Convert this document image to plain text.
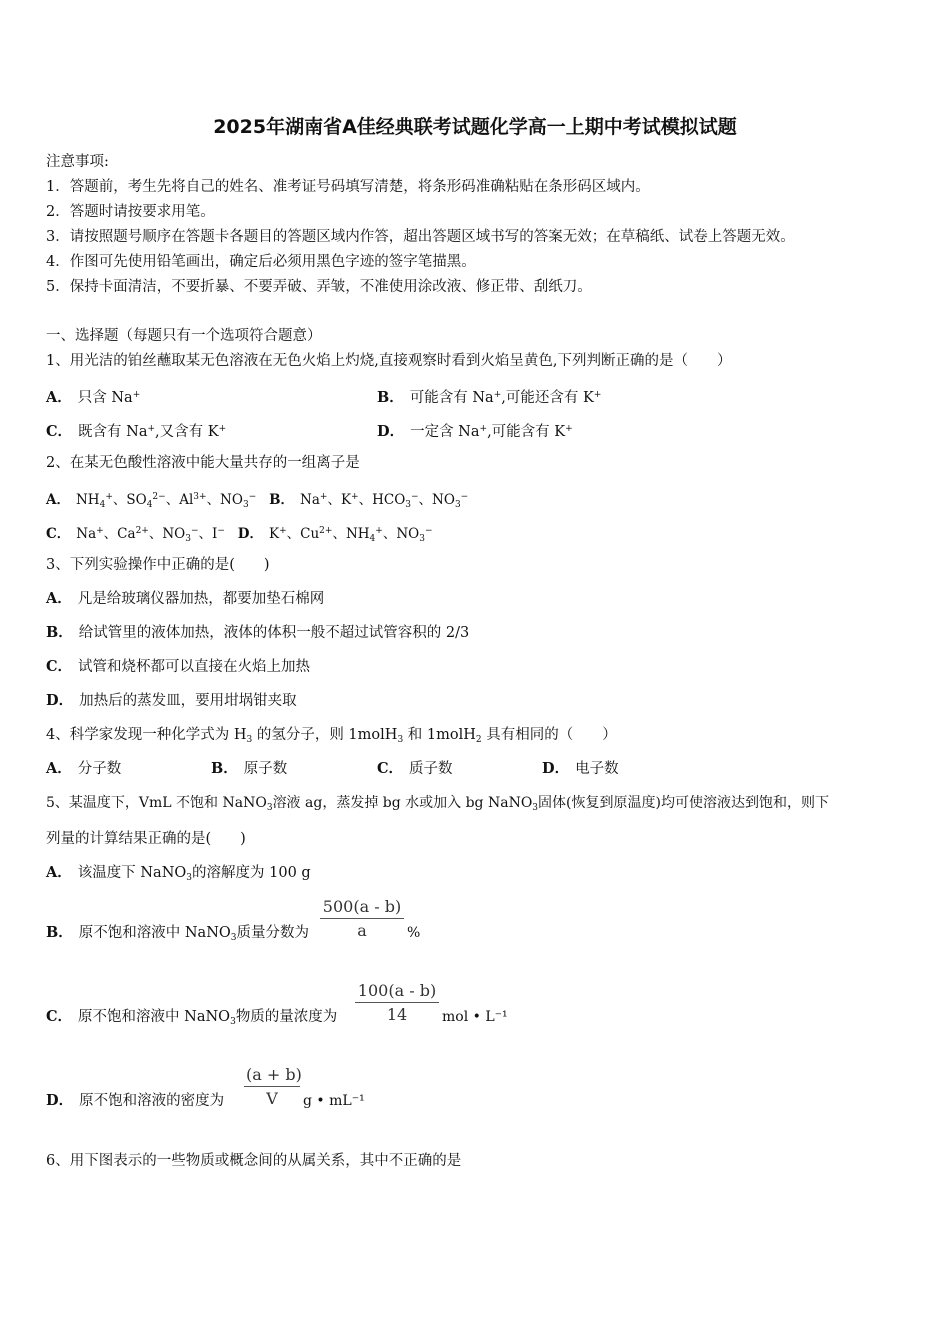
2025年湖南省A佳经典联考试题化学高一上期中考试模拟试题
注意事项:
1．答题前，考生先将自己的姓名、准考证号码填写清楚，将条形码准确粘贴在条形码区域内。
2．答题时请按要求用笔。
3．请按照题号顺序在答题卡各题目的答题区域内作答，超出答题区域书写的答案无效；在草稿纸、试卷上答题无效。
4．作图可先使用铅笔画出，确定后必须用黑色字迹的签字笔描黑。
5．保持卡面清洁，不要折暴、不要弄破、弄皱，不准使用涂改液、修正带、刮纸刀。
一、选择题（每题只有一个选项符合题意）
1、用光洁的铂丝蘸取某无色溶液在无色火焰上灼烧,直接观察时看到火焰呈黄色,下列判断正确的是（　　）
A． 只含 Na+	B． 可能含有 Na+,可能还含有 K+
C． 既含有 Na+,又含有 K+	D． 一定含 Na+,可能含有 K+
2、在某无色酸性溶液中能大量共存的一组离子是
A． $NH_4^+$、$SO_4^{2-}$、$Al^{3+}$、$NO_3^-$ B． Na+、K+、$HCO_3^-$、$NO_3^-$
C． Na+、$Ca^{2+}$、$NO_3^-$、I− D． K+、$Cu^{2+}$、$NH_4^+$、$NO_3^-$
3、下列实验操作中正确的是(　　)
A． 凡是给玻璃仪器加热，都要加垫石棉网
B． 给试管里的液体加热，液体的体积一般不超过试管容积的 2/3
C． 试管和烧杯都可以直接在火焰上加热
D． 加热后的蒸发皿，要用坩埚钳夹取
4、科学家发现一种化学式为 $H_3$ 的氢分子，则 1molH$_3$ 和 1molH$_2$ 具有相同的（　　）
A． 分子数	B． 原子数	C． 质子数	D． 电子数
5、某温度下，VmL 不饱和 NaNO$_3$溶液 ag，蒸发掉 bg 水或加入 bg NaNO$_3$固体(恢复到原温度)均可使溶液达到饱和，则下
列量的计算结果正确的是(　　)
A． 该温度下 NaNO$_3$的溶解度为 100 g
B． 原不饱和溶液中 NaNO$_3$质量分数为
500(a - b)
a	%
C． 原不饱和溶液中 NaNO$_3$物质的量浓度为
100(a - b)
14	mol • L⁻¹
D． 原不饱和溶液的密度为
(a + b)
V	g • mL⁻¹
6、用下图表示的一些物质或概念间的从属关系，其中不正确的是
